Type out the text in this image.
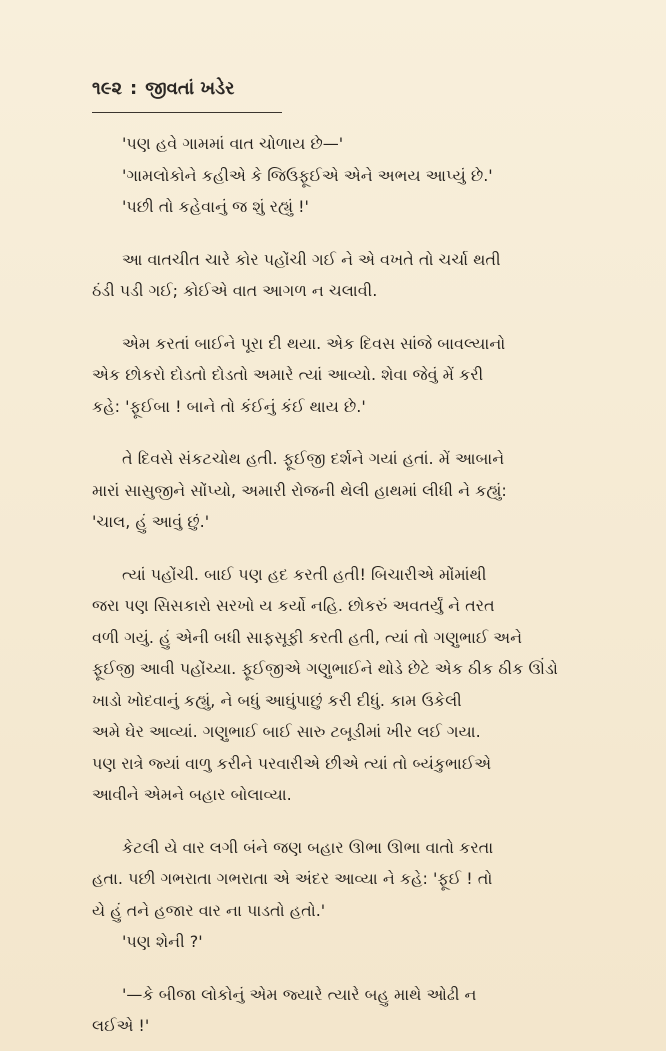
૧૯૨ : જીવતાં ખડેર
'પણ હવે ગામમાં વાત ચોળાય છે—'
'ગામલોકોને કહીએ કે જિઉફૂઈએ એને અભય આપ્યું છે.'
'પછી તો કહેવાનું જ શું રહ્યું !'
આ વાતચીત ચારે કોર પહોંચી ગઈ ને એ વખતે તો ચર્ચા થતી
ઠંડી પડી ગઈ; કોઈએ વાત આગળ ન ચલાવી.
એમ કરતાં બાઈને પૂરા દી થયા. એક દિવસ સાંજે બાવલ્યાનો
એક છોકરો દોડતો દોડતો અમારે ત્યાં આવ્યો. શેવા જેવું મેં કરી
કહે: 'ફૂઈબા ! બાને તો કંઈનું કંઈ થાય છે.'
તે દિવસે સંકટચોથ હતી. ફૂઈજી દર્શને ગયાં હતાં. મેં આબાને
મારાં સાસુજીને સોંપ્યો, અમારી રોજની થેલી હાથમાં લીધી ને કહ્યું:
'ચાલ, હું આવું છું.'
ત્યાં પહોંચી. બાઈ પણ હદ કરતી હતી! બિચારીએ મોંમાંથી
જરા પણ સિસકારો સરખો ય કર્યો નહિ. છોકરું અવતર્યું ને તરત
વળી ગયું. હું એની બધી સાફસૂફી કરતી હતી, ત્યાં તો ગણુભાઈ અને
ફૂઈજી આવી પહોંચ્યા. ફૂઈજીએ ગણુભાઈને થોડે છેટે એક ઠીક ઠીક ઊંડો
ખાડો ખોદવાનું કહ્યું, ને બધું આઘુંપાછું કરી દીધું. કામ ઉકેલી
અમે ઘેર આવ્યાં. ગણુભાઈ બાઈ સારુ ટબૂડીમાં ખીર લઈ ગયા.
પણ રાત્રે જ્યાં વાળુ કરીને પરવારીએ છીએ ત્યાં તો બ્યંકુભાઈએ
આવીને એમને બહાર બોલાવ્યા.
કેટલી યે વાર લગી બંને જણ બહાર ઊભા ઊભા વાતો કરતા
હતા. પછી ગભરાતા ગભરાતા એ અંદર આવ્યા ને કહે: 'ફૂઈ ! તો
યે હું તને હજાર વાર ના પાડતો હતો.'
'પણ શેની ?'
'—કે બીજા લોકોનું એમ જ્યારે ત્યારે બહુ માથે ઓઢી ન
લઈએ !'
